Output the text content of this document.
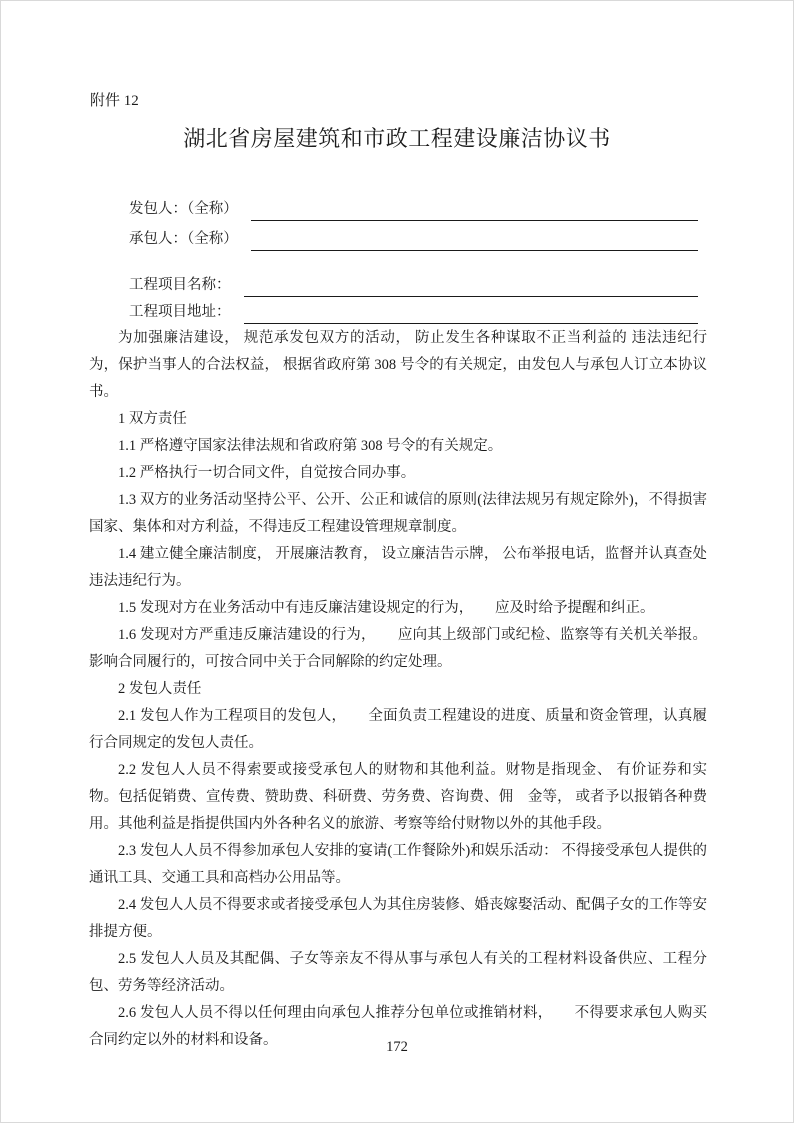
附件 12
湖北省房屋建筑和市政工程建设廉洁协议书
发包人：（全称）
承包人：（全称）
工程项目名称：
工程项目地址：

为加强廉洁建设， 规范承发包双方的活动， 防止发生各种谋取不正当利益的 违法违纪行为，保护当事人的合法权益， 根据省政府第 308 号令的有关规定，由发包人与承包人订立本协议书。

1 双方责任

1.1 严格遵守国家法律法规和省政府第 308 号令的有关规定。

1.2 严格执行一切合同文件，自觉按合同办事。

1.3 双方的业务活动坚持公平、公开、公正和诚信的原则(法律法规另有规定除外)，不得损害国家、集体和对方利益，不得违反工程建设管理规章制度。

1.4 建立健全廉洁制度， 开展廉洁教育， 设立廉洁告示牌， 公布举报电话，监督并认真查处违法违纪行为。

1.5 发现对方在业务活动中有违反廉洁建设规定的行为，　　应及时给予提醒和纠正。

1.6 发现对方严重违反廉洁建设的行为，　　应向其上级部门或纪检、监察等有关机关举报。影响合同履行的，可按合同中关于合同解除的约定处理。

2 发包人责任

2.1 发包人作为工程项目的发包人，　　全面负责工程建设的进度、质量和资金管理，认真履行合同规定的发包人责任。

2.2 发包人人员不得索要或接受承包人的财物和其他利益。财物是指现金、 有价证券和实物。包括促销费、宣传费、赞助费、科研费、劳务费、咨询费、佣　金等， 或者予以报销各种费用。其他利益是指提供国内外各种名义的旅游、考察等给付财物以外的其他手段。

2.3 发包人人员不得参加承包人安排的宴请(工作餐除外)和娱乐活动： 不得接受承包人提供的通讯工具、交通工具和高档办公用品等。

2.4 发包人人员不得要求或者接受承包人为其住房装修、婚丧嫁娶活动、配偶子女的工作等安排提方便。

2.5 发包人人员及其配偶、子女等亲友不得从事与承包人有关的工程材料设备供应、工程分包、劳务等经济活动。

2.6 发包人人员不得以任何理由向承包人推荐分包单位或推销材料，　　不得要求承包人购买合同约定以外的材料和设备。	172
